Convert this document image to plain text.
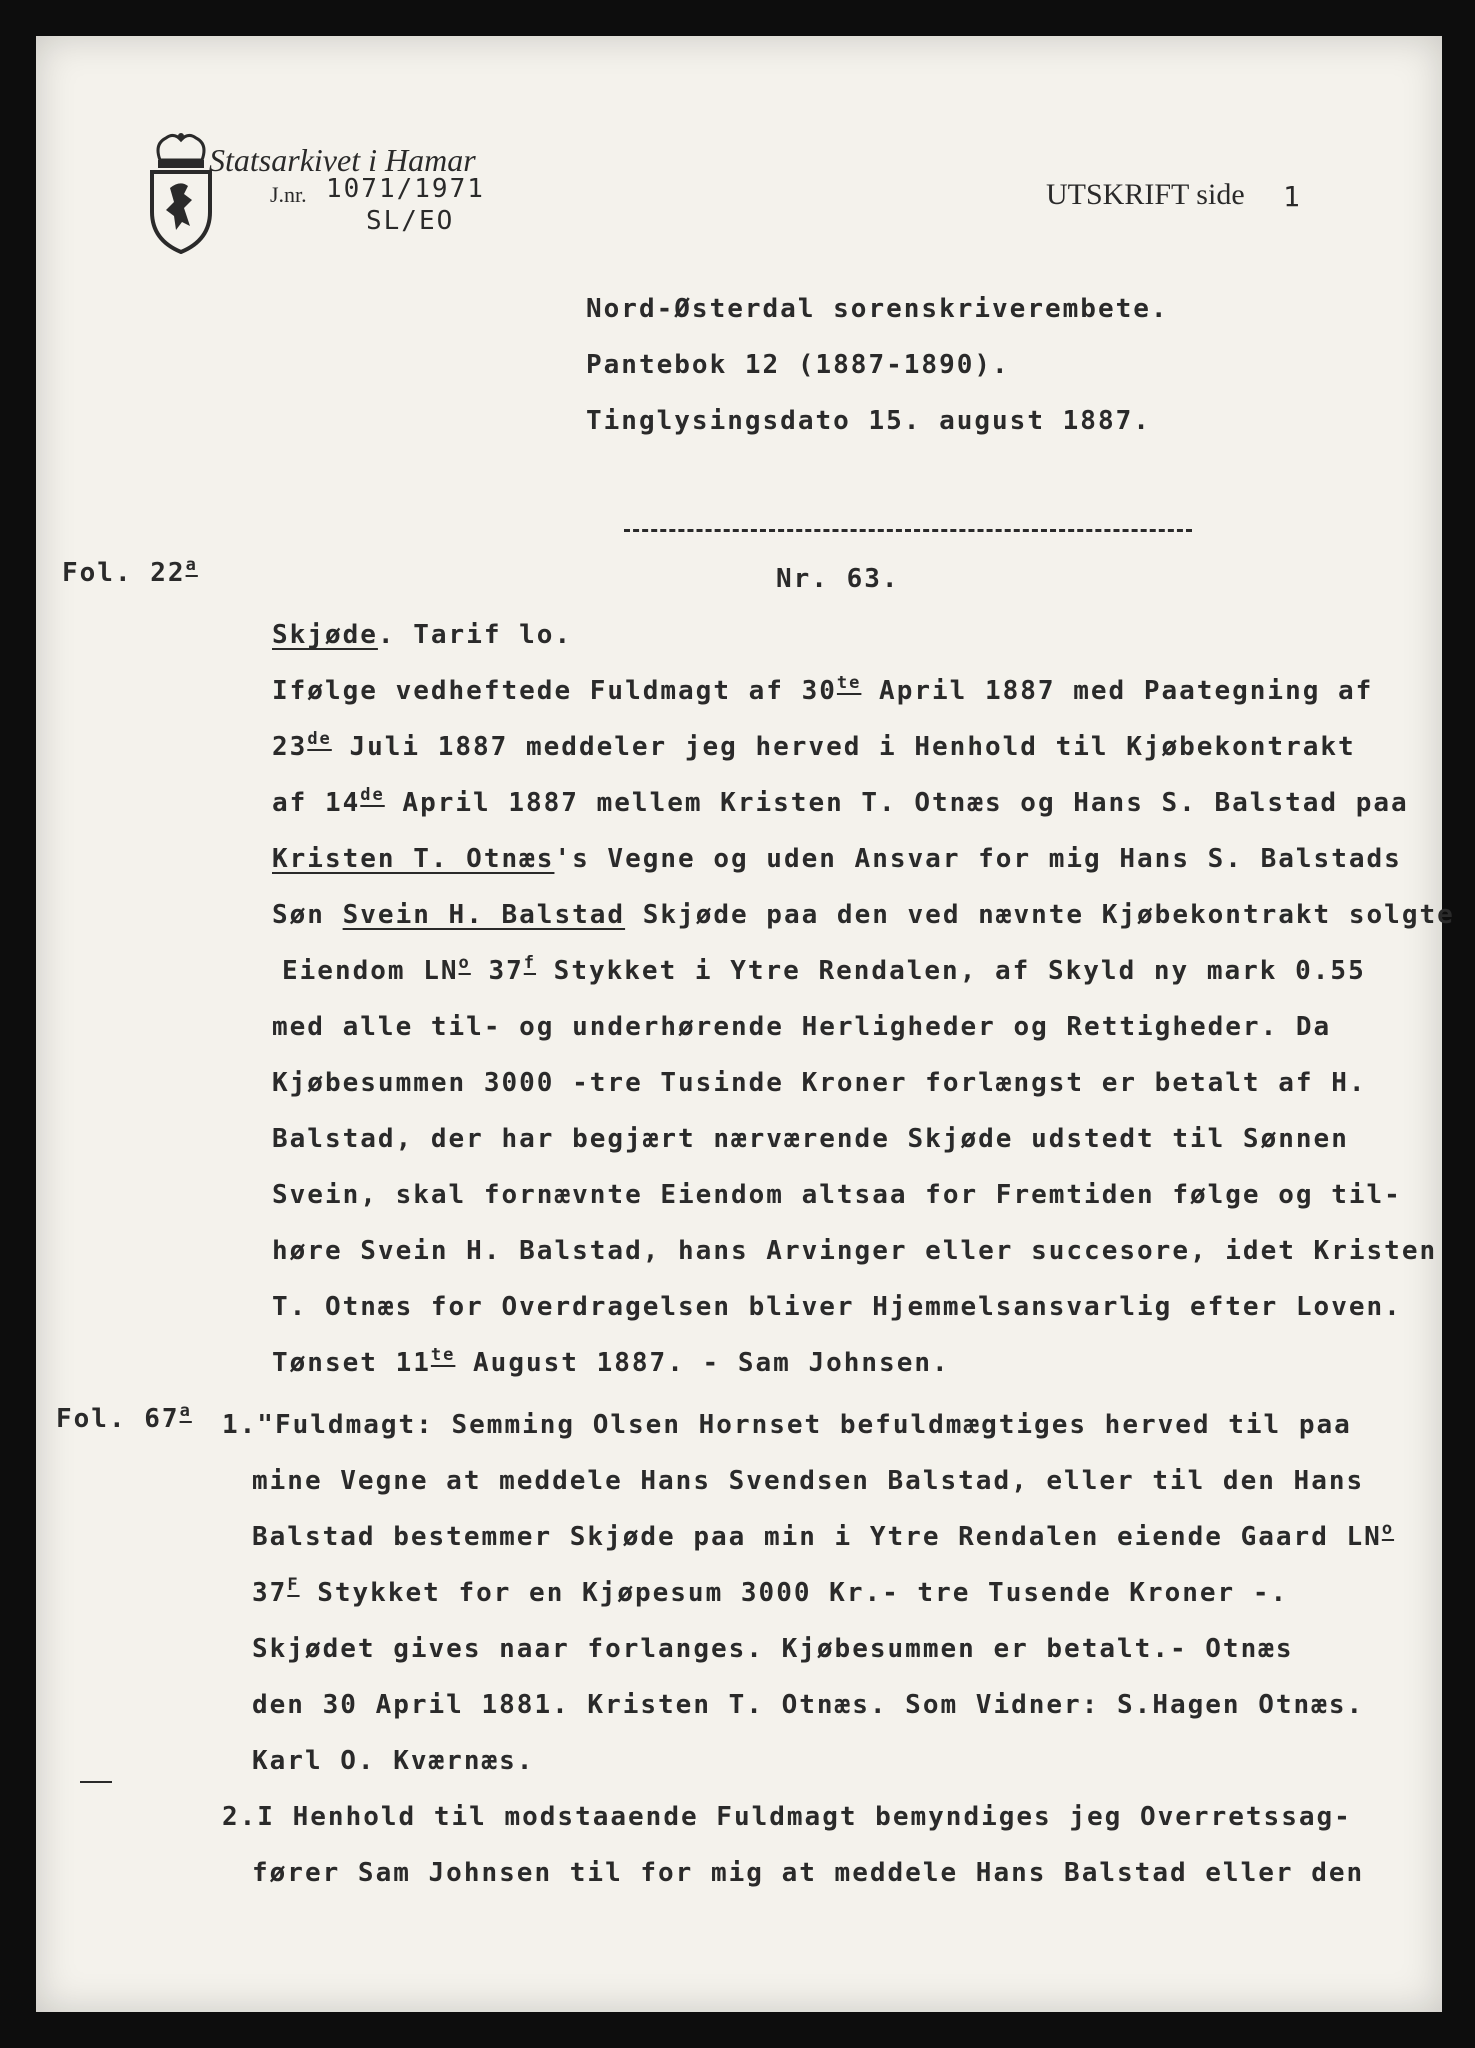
Statsarkivet i Hamar
J.nr. 1071/1971
SL/EO
UTSKRIFT side 1
Nord-Østerdal sorenskriverembete.
Pantebok 12 (1887-1890).
Tinglysingsdato 15. august 1887.
Fol. 22$^a$	Nr. 63.
Skjøde. Tarif lo.
Ifølge vedheftede Fuldmagt af $30^{te}$ April 1887 med Paategning af
23de Juli 1887 meddeler jeg herved i Henhold til Kjøbekontrakt
af 14de April 1887 mellem Kristen T. Otnæs og Hans S. Balstad paa
Kristen T. Otnæs's Vegne og uden Ansvar for mig Hans S. Balstads
Søn Svein H. Balstad Skjøde paa den ved nævnte Kjøbekontrakt solgte
Eiendom $LN^o$ 37$^f$ Stykket i Ytre Rendalen, af Skyld ny mark 0.55
med alle til- og underhørende Herligheder og Rettigheder. Da
Kjøbesummen 3000 -tre Tusinde Kroner forlængst er betalt af H.
Balstad, der har begjært nærværende Skjøde udstedt til Sønnen
Svein, skal fornævnte Eiendom altsaa for Fremtiden følge og til-
høre Svein H. Balstad, hans Arvinger eller succesore, idet Kristen
T. Otnæs for Overdragelsen bliver Hjemmelsansvarlig efter Loven.
Tønset $11^{te}$ August 1887. - Sam Johnsen.
Fol. 67$^a$ 1."Fuldmagt: Semming Olsen Hornset befuldmægtiges herved til paa
mine Vegne at meddele Hans Svendsen Balstad, eller til den Hans
Balstad bestemmer Skjøde paa min i Ytre Rendalen eiende Gaard $LN^o$
$37^F$ Stykket for en Kjøpesum 3000 Kr.- tre Tusende Kroner -.
Skjødet gives naar forlanges. Kjøbesummen er betalt.- Otnæs
den 30 April 1881. Kristen T. Otnæs. Som Vidner: S.Hagen Otnæs.
Karl O. Kværnæs.
2.I Henhold til modstaaende Fuldmagt bemyndiges jeg Overretssag-
fører Sam Johnsen til for mig at meddele Hans Balstad eller den
